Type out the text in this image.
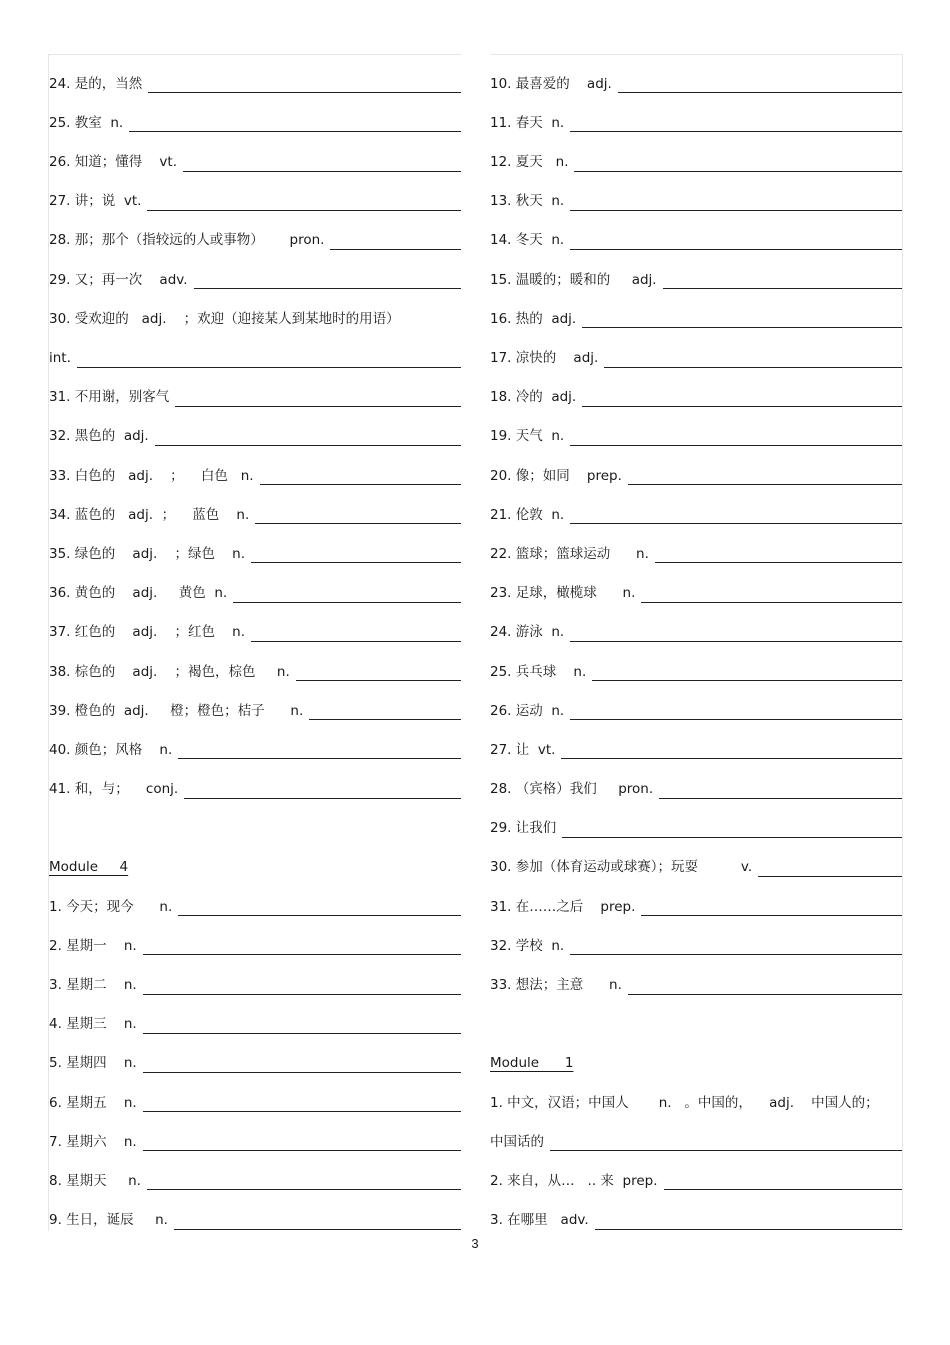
24. 是的，当然
25. 教室  n.
26. 知道；懂得    vt.
27. 讲；说  vt.
28. 那；那个（指较远的人或事物）      pron.
29. 又；再一次    adv.
30. 受欢迎的   adj.    ；欢迎（迎接某人到某地时的用语）
int.
31. 不用谢，别客气
32. 黑色的  adj.
33. 白色的   adj.    ；    白色   n.
34. 蓝色的   adj.  ；    蓝色    n.
35. 绿色的    adj.    ；绿色    n.
36. 黄色的    adj.     黄色  n.
37. 红色的    adj.    ；红色    n.
38. 棕色的    adj.    ；褐色，棕色     n.
39. 橙色的  adj.     橙；橙色；桔子      n.
40. 颜色；风格    n.
41. 和，与；    conj.
Module     4
1. 今天；现今      n.
2. 星期一    n.
3. 星期二    n.
4. 星期三    n.
5. 星期四    n.
6. 星期五    n.
7. 星期六    n.
8. 星期天     n.
9. 生日，诞辰     n.
10. 最喜爱的    adj.
11. 春天  n.
12. 夏天   n.
13. 秋天  n.
14. 冬天  n.
15. 温暖的；暖和的     adj.
16. 热的  adj.
17. 凉快的    adj.
18. 冷的  adj.
19. 天气  n.
20. 像；如同    prep.
21. 伦敦  n.
22. 篮球；篮球运动      n.
23. 足球，橄榄球      n.
24. 游泳  n.
25. 兵乓球    n.
26. 运动  n.
27. 让  vt.
28. （宾格）我们     pron.
29. 让我们
30. 参加（体育运动或球赛）；玩耍          v.
31. 在……之后    prep.
32. 学校  n.
33. 想法；主意      n.
Module      1
1. 中文，汉语；中国人       n.   。中国的，    adj.    中国人的；
中国话的
2. 来自，从…   .. 来  prep.
3. 在哪里   adv.
3
